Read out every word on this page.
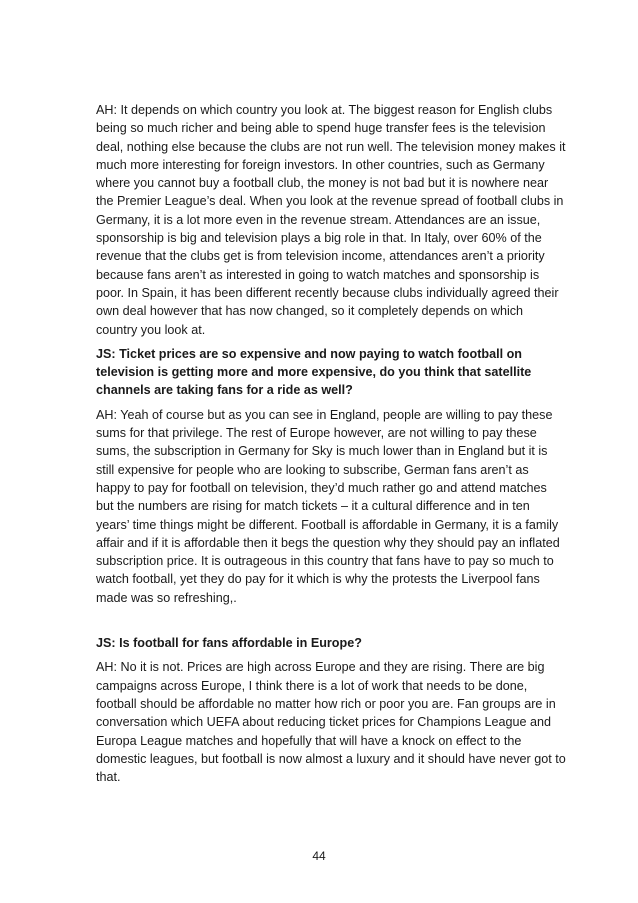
AH: It depends on which country you look at. The biggest reason for English clubs being so much richer and being able to spend huge transfer fees is the television deal, nothing else because the clubs are not run well. The television money makes it much more interesting for foreign investors. In other countries, such as Germany where you cannot buy a football club, the money is not bad but it is nowhere near the Premier League’s deal. When you look at the revenue spread of football clubs in Germany, it is a lot more even in the revenue stream. Attendances are an issue, sponsorship is big and television plays a big role in that. In Italy, over 60% of the revenue that the clubs get is from television income, attendances aren’t a priority because fans aren’t as interested in going to watch matches and sponsorship is poor. In Spain, it has been different recently because clubs individually agreed their own deal however that has now changed, so it completely depends on which country you look at.

JS: Ticket prices are so expensive and now paying to watch football on television is getting more and more expensive, do you think that satellite channels are taking fans for a ride as well?

AH: Yeah of course but as you can see in England, people are willing to pay these sums for that privilege. The rest of Europe however, are not willing to pay these sums, the subscription in Germany for Sky is much lower than in England but it is still expensive for people who are looking to subscribe, German fans aren’t as happy to pay for football on television, they’d much rather go and attend matches but the numbers are rising for match tickets – it a cultural difference and in ten years’ time things might be different. Football is affordable in Germany, it is a family affair and if it is affordable then it begs the question why they should pay an inflated subscription price. It is outrageous in this country that fans have to pay so much to watch football, yet they do pay for it which is why the protests the Liverpool fans made was so refreshing,.

JS: Is football for fans affordable in Europe?

AH: No it is not. Prices are high across Europe and they are rising. There are big campaigns across Europe, I think there is a lot of work that needs to be done, football should be affordable no matter how rich or poor you are. Fan groups are in conversation which UEFA about reducing ticket prices for Champions League and Europa League matches and hopefully that will have a knock on effect to the domestic leagues, but football is now almost a luxury and it should have never got to that.

44
